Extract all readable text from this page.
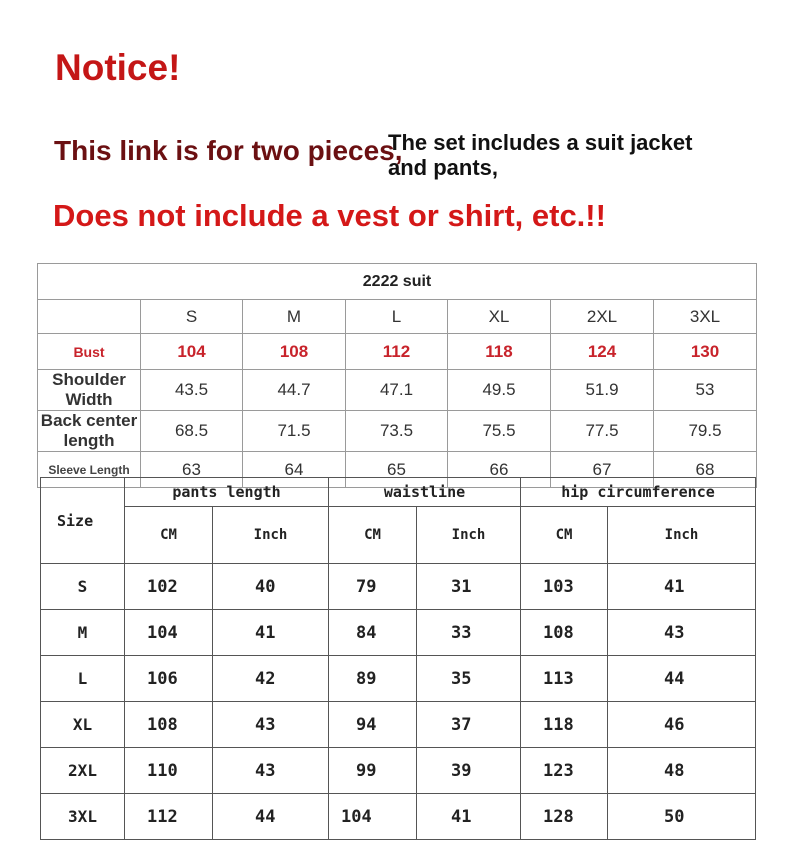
Notice!
This link is for two pieces,
The set includes a suit jacket and pants,
Does not include a vest or shirt, etc.!!
2222 suit						
	S	M	L	XL	2XL	3XL
Bust	104	108	112	118	124	130
Shoulder Width	43.5	44.7	47.1	49.5	51.9	53
Back center length	68.5	71.5	73.5	75.5	77.5	79.5
Sleeve Length	63	64	65	66	67	68
Size	pants length		waistline		hip circumference	
	CM	Inch	CM	Inch	CM	Inch
S	102	40	79	31	103	41
M	104	41	84	33	108	43
L	106	42	89	35	113	44
XL	108	43	94	37	118	46
2XL	110	43	99	39	123	48
3XL	112	44	104	41	128	50
